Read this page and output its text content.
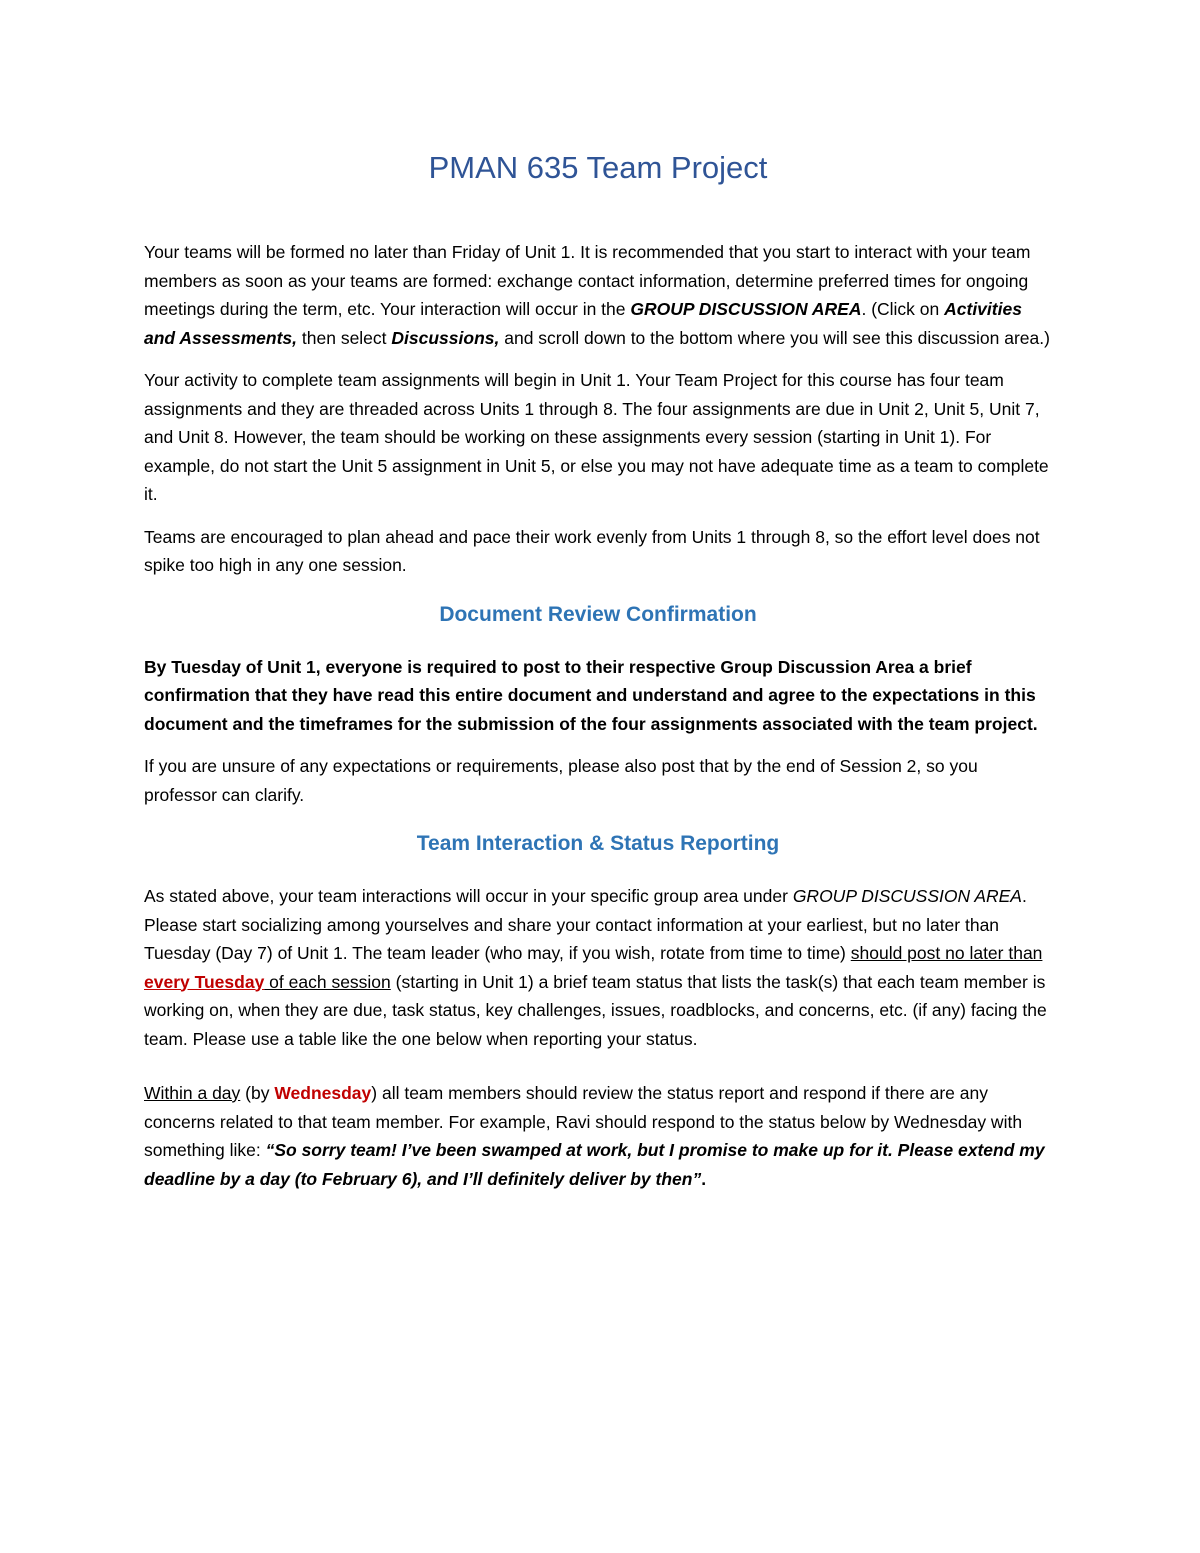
PMAN 635 Team Project

Your teams will be formed no later than Friday of Unit 1. It is recommended that you start to interact with your team members as soon as your teams are formed: exchange contact information, determine preferred times for ongoing meetings during the term, etc. Your interaction will occur in the GROUP DISCUSSION AREA. (Click on Activities and Assessments, then select Discussions, and scroll down to the bottom where you will see this discussion area.)

Your activity to complete team assignments will begin in Unit 1. Your Team Project for this course has four team assignments and they are threaded across Units 1 through 8. The four assignments are due in Unit 2, Unit 5, Unit 7, and Unit 8. However, the team should be working on these assignments every session (starting in Unit 1). For example, do not start the Unit 5 assignment in Unit 5, or else you may not have adequate time as a team to complete it.

Teams are encouraged to plan ahead and pace their work evenly from Units 1 through 8, so the effort level does not spike too high in any one session.

Document Review Confirmation

By Tuesday of Unit 1, everyone is required to post to their respective Group Discussion Area a brief confirmation that they have read this entire document and understand and agree to the expectations in this document and the timeframes for the submission of the four assignments associated with the team project.

If you are unsure of any expectations or requirements, please also post that by the end of Session 2, so you professor can clarify.

Team Interaction & Status Reporting

As stated above, your team interactions will occur in your specific group area under GROUP DISCUSSION AREA. Please start socializing among yourselves and share your contact information at your earliest, but no later than Tuesday (Day 7) of Unit 1. The team leader (who may, if you wish, rotate from time to time) should post no later than every Tuesday of each session (starting in Unit 1) a brief team status that lists the task(s) that each team member is working on, when they are due, task status, key challenges, issues, roadblocks, and concerns, etc. (if any) facing the team. Please use a table like the one below when reporting your status.

Within a day (by Wednesday) all team members should review the status report and respond if there are any concerns related to that team member. For example, Ravi should respond to the status below by Wednesday with something like: “So sorry team! I’ve been swamped at work, but I promise to make up for it. Please extend my deadline by a day (to February 6), and I’ll definitely deliver by then”.
